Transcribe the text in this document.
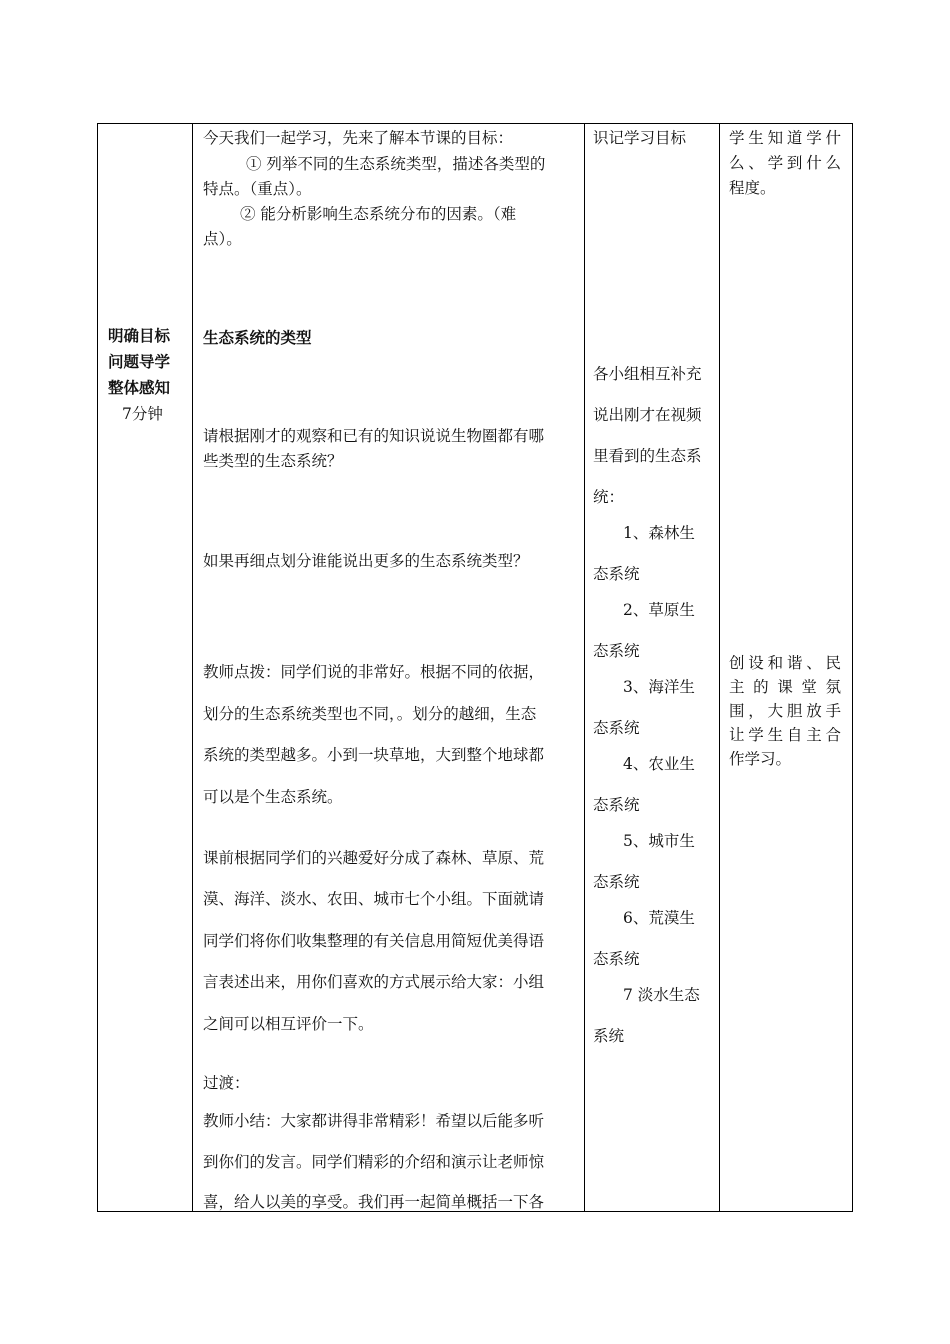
明确目标
问题导学
整体感知
7分钟
今天我们一起学习，先来了解本节课的目标：
① 列举不同的生态系统类型，描述各类型的
特点。（重点）。
② 能分析影响生态系统分布的因素。（难
点）。
生态系统的类型
请根据刚才的观察和已有的知识说说生物圈都有哪
些类型的生态系统？
如果再细点划分谁能说出更多的生态系统类型？
教师点拨：同学们说的非常好。根据不同的依据，
划分的生态系统类型也不同，。划分的越细，生态
系统的类型越多。小到一块草地，大到整个地球都
可以是个生态系统。
课前根据同学们的兴趣爱好分成了森林、草原、荒
漠、海洋、淡水、农田、城市七个小组。下面就请
同学们将你们收集整理的有关信息用简短优美得语
言表述出来，用你们喜欢的方式展示给大家：小组
之间可以相互评价一下。
过渡：
教师小结：大家都讲得非常精彩！希望以后能多听
到你们的发言。同学们精彩的介绍和演示让老师惊
喜，给人以美的享受。我们再一起简单概括一下各
识记学习目标
各小组相互补充
说出刚才在视频
里看到的生态系
统：
1、森林生
态系统
2、草原生
态系统
3、海洋生
态系统
4、农业生
态系统
5、城市生
态系统
6、荒漠生
态系统
7 淡水生态
系统
学生知道学什
么、学到什么
程度。
创设和谐、民
主的课堂氛
围，大胆放手
让学生自主合
作学习。
